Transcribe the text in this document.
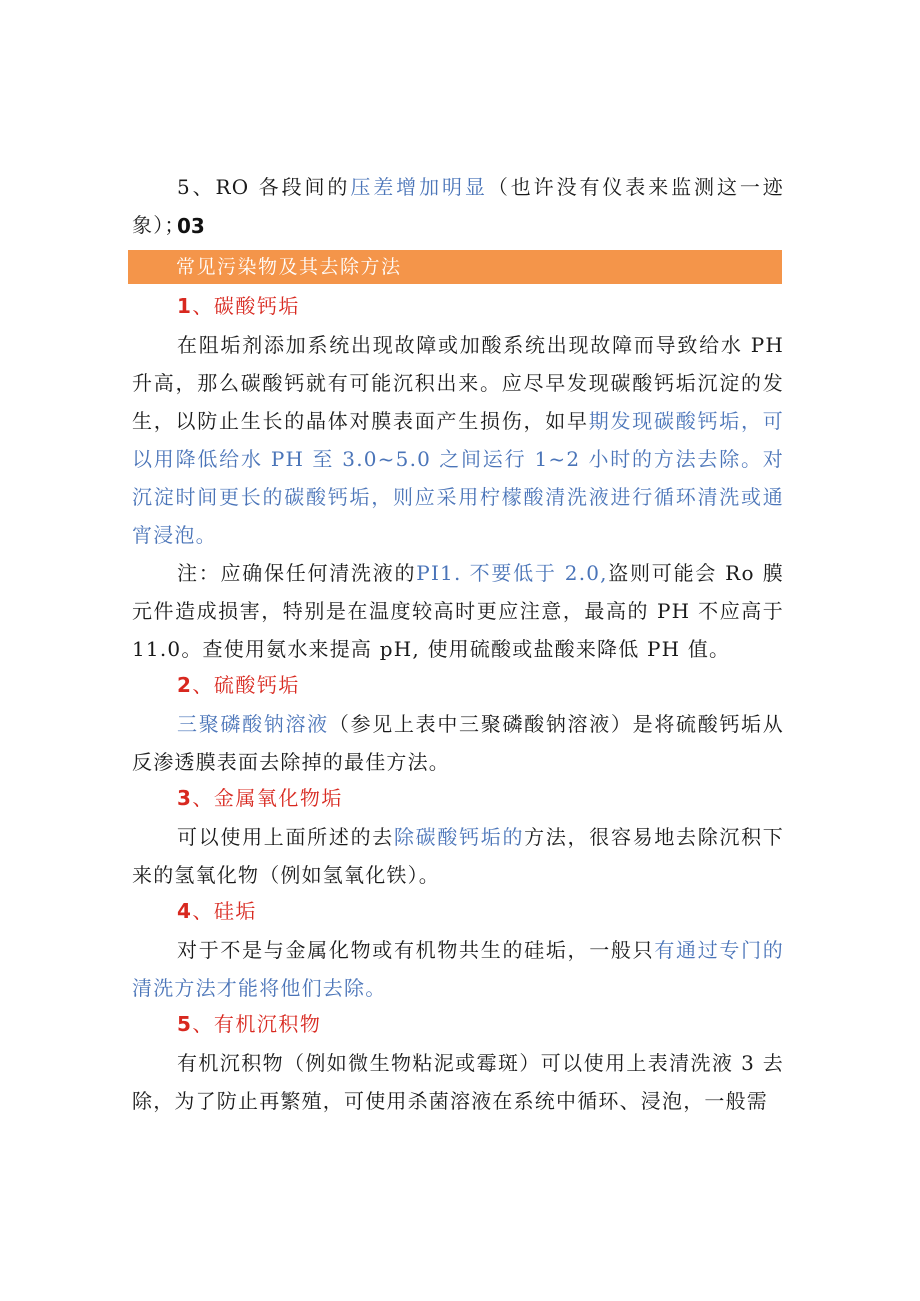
5、RO 各段间的压差增加明显（也许没有仪表来监测这一迹象）；

03

常见污染物及其去除方法

1、碳酸钙垢

在阻垢剂添加系统出现故障或加酸系统出现故障而导致给水 PH 升高，那么碳酸钙就有可能沉积出来。应尽早发现碳酸钙垢沉淀的发生，以防止生长的晶体对膜表面产生损伤，如早期发现碳酸钙垢，可以用降低给水 PH 至 3.0~5.0 之间运行 1~2 小时的方法去除。对沉淀时间更长的碳酸钙垢，则应采用柠檬酸清洗液进行循环清洗或通宵浸泡。

注：应确保任何清洗液的PI1. 不要低于 2.0,盗则可能会 Ro 膜元件造成损害，特别是在温度较高时更应注意，最高的 PH 不应高于 11.0。查使用氨水来提高 pH, 使用硫酸或盐酸来降低 PH 值。

2、硫酸钙垢

三聚磷酸钠溶液（参见上表中三聚磷酸钠溶液）是将硫酸钙垢从反渗透膜表面去除掉的最佳方法。

3、金属氧化物垢

可以使用上面所述的去除碳酸钙垢的方法，很容易地去除沉积下来的氢氧化物（例如氢氧化铁）。

4、硅垢

对于不是与金属化物或有机物共生的硅垢，一般只有通过专门的清洗方法才能将他们去除。

5、有机沉积物

有机沉积物（例如微生物粘泥或霉斑）可以使用上表清洗液 3 去除，为了防止再繁殖，可使用杀菌溶液在系统中循环、浸泡，一般需
